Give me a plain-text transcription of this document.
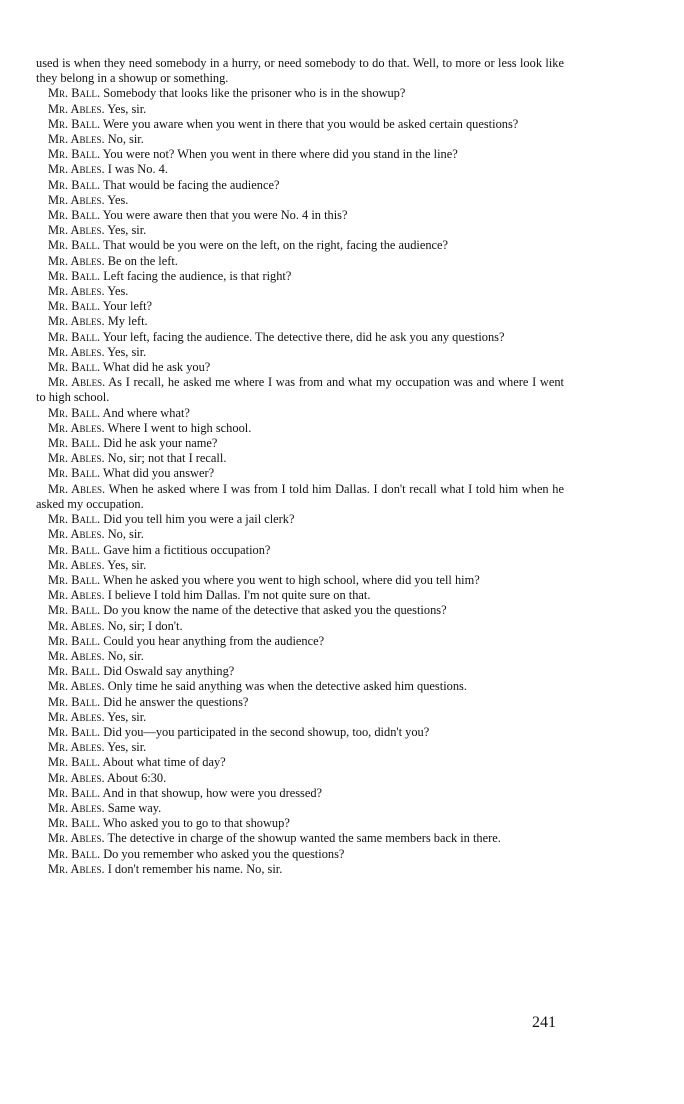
used is when they need somebody in a hurry, or need somebody to do that. Well, to more or less look like they belong in a showup or something.

Mr. Ball. Somebody that looks like the prisoner who is in the showup?

Mr. Ables. Yes, sir.

Mr. Ball. Were you aware when you went in there that you would be asked certain questions?

Mr. Ables. No, sir.

Mr. Ball. You were not? When you went in there where did you stand in the line?

Mr. Ables. I was No. 4.

Mr. Ball. That would be facing the audience?

Mr. Ables. Yes.

Mr. Ball. You were aware then that you were No. 4 in this?

Mr. Ables. Yes, sir.

Mr. Ball. That would be you were on the left, on the right, facing the audience?

Mr. Ables. Be on the left.

Mr. Ball. Left facing the audience, is that right?

Mr. Ables. Yes.

Mr. Ball. Your left?

Mr. Ables. My left.

Mr. Ball. Your left, facing the audience. The detective there, did he ask you any questions?

Mr. Ables. Yes, sir.

Mr. Ball. What did he ask you?

Mr. Ables. As I recall, he asked me where I was from and what my occupation was and where I went to high school.

Mr. Ball. And where what?

Mr. Ables. Where I went to high school.

Mr. Ball. Did he ask your name?

Mr. Ables. No, sir; not that I recall.

Mr. Ball. What did you answer?

Mr. Ables. When he asked where I was from I told him Dallas. I don't recall what I told him when he asked my occupation.

Mr. Ball. Did you tell him you were a jail clerk?

Mr. Ables. No, sir.

Mr. Ball. Gave him a fictitious occupation?

Mr. Ables. Yes, sir.

Mr. Ball. When he asked you where you went to high school, where did you tell him?

Mr. Ables. I believe I told him Dallas. I'm not quite sure on that.

Mr. Ball. Do you know the name of the detective that asked you the questions?

Mr. Ables. No, sir; I don't.

Mr. Ball. Could you hear anything from the audience?

Mr. Ables. No, sir.

Mr. Ball. Did Oswald say anything?

Mr. Ables. Only time he said anything was when the detective asked him questions.

Mr. Ball. Did he answer the questions?

Mr. Ables. Yes, sir.

Mr. Ball. Did you—you participated in the second showup, too, didn't you?

Mr. Ables. Yes, sir.

Mr. Ball. About what time of day?

Mr. Ables. About 6:30.

Mr. Ball. And in that showup, how were you dressed?

Mr. Ables. Same way.

Mr. Ball. Who asked you to go to that showup?

Mr. Ables. The detective in charge of the showup wanted the same members back in there.

Mr. Ball. Do you remember who asked you the questions?

Mr. Ables. I don't remember his name. No, sir.

241
